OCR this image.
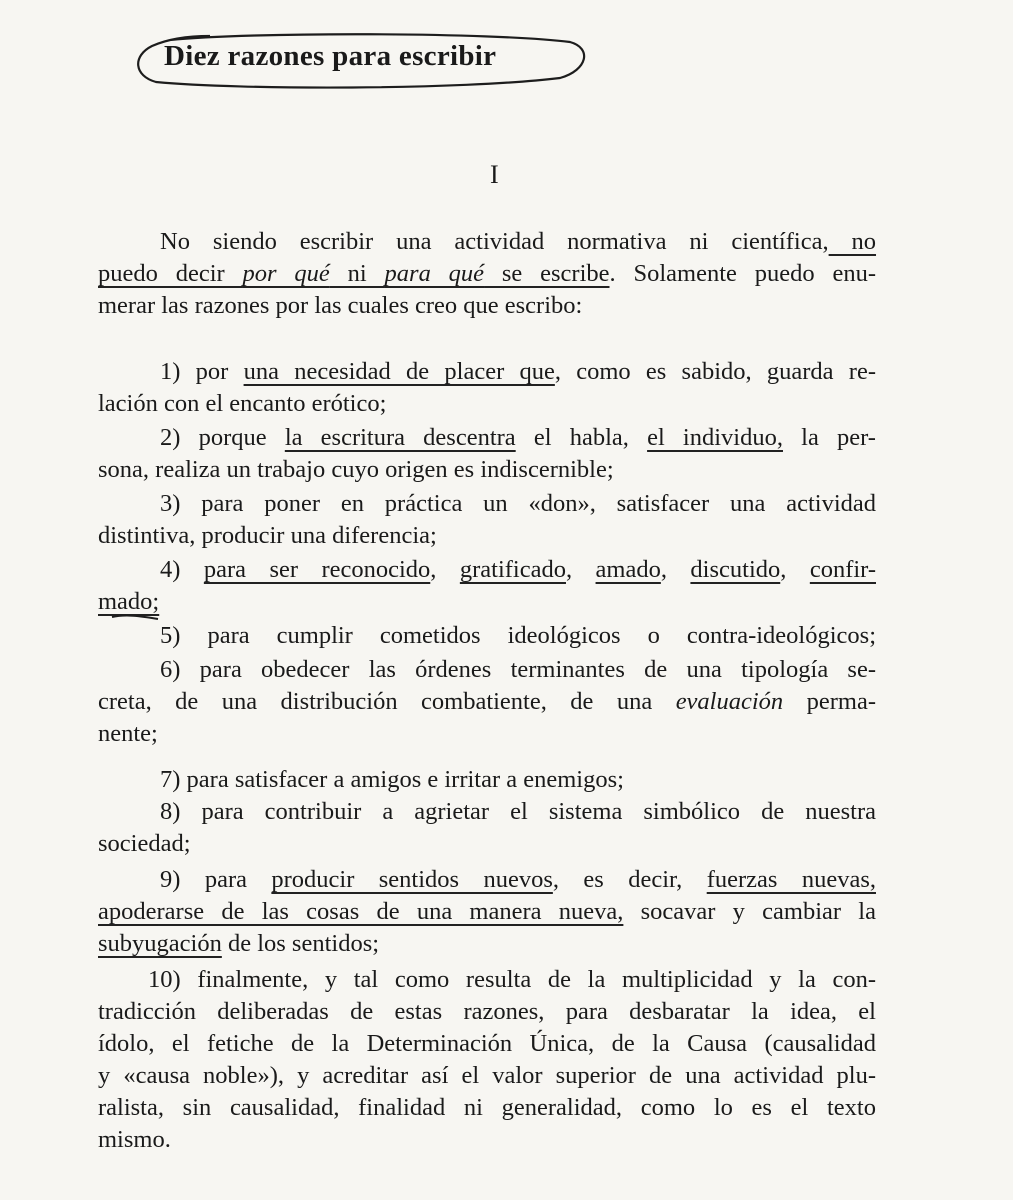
Diez razones para escribir
I
No siendo escribir una actividad normativa ni científica, no
puedo decir por qué ni para qué se escribe. Solamente puedo enu-
merar las razones por las cuales creo que escribo:
1) por una necesidad de placer que, como es sabido, guarda re-
lación con el encanto erótico;
2) porque la escritura descentra el habla, el individuo, la per-
sona, realiza un trabajo cuyo origen es indiscernible;
3) para poner en práctica un «don», satisfacer una actividad
distintiva, producir una diferencia;
4) para ser reconocido, gratificado, amado, discutido, confir-
mado;
5) para cumplir cometidos ideológicos o contra-ideológicos;
6) para obedecer las órdenes terminantes de una tipología se-
creta, de una distribución combatiente, de una evaluación perma-
nente;
7) para satisfacer a amigos e irritar a enemigos;
8) para contribuir a agrietar el sistema simbólico de nuestra
sociedad;
9) para producir sentidos nuevos, es decir, fuerzas nuevas,
apoderarse de las cosas de una manera nueva, socavar y cambiar la
subyugación de los sentidos;
10) finalmente, y tal como resulta de la multiplicidad y la con-
tradicción deliberadas de estas razones, para desbaratar la idea, el
ídolo, el fetiche de la Determinación Única, de la Causa (causalidad
y «causa noble»), y acreditar así el valor superior de una actividad plu-
ralista, sin causalidad, finalidad ni generalidad, como lo es el texto
mismo.
